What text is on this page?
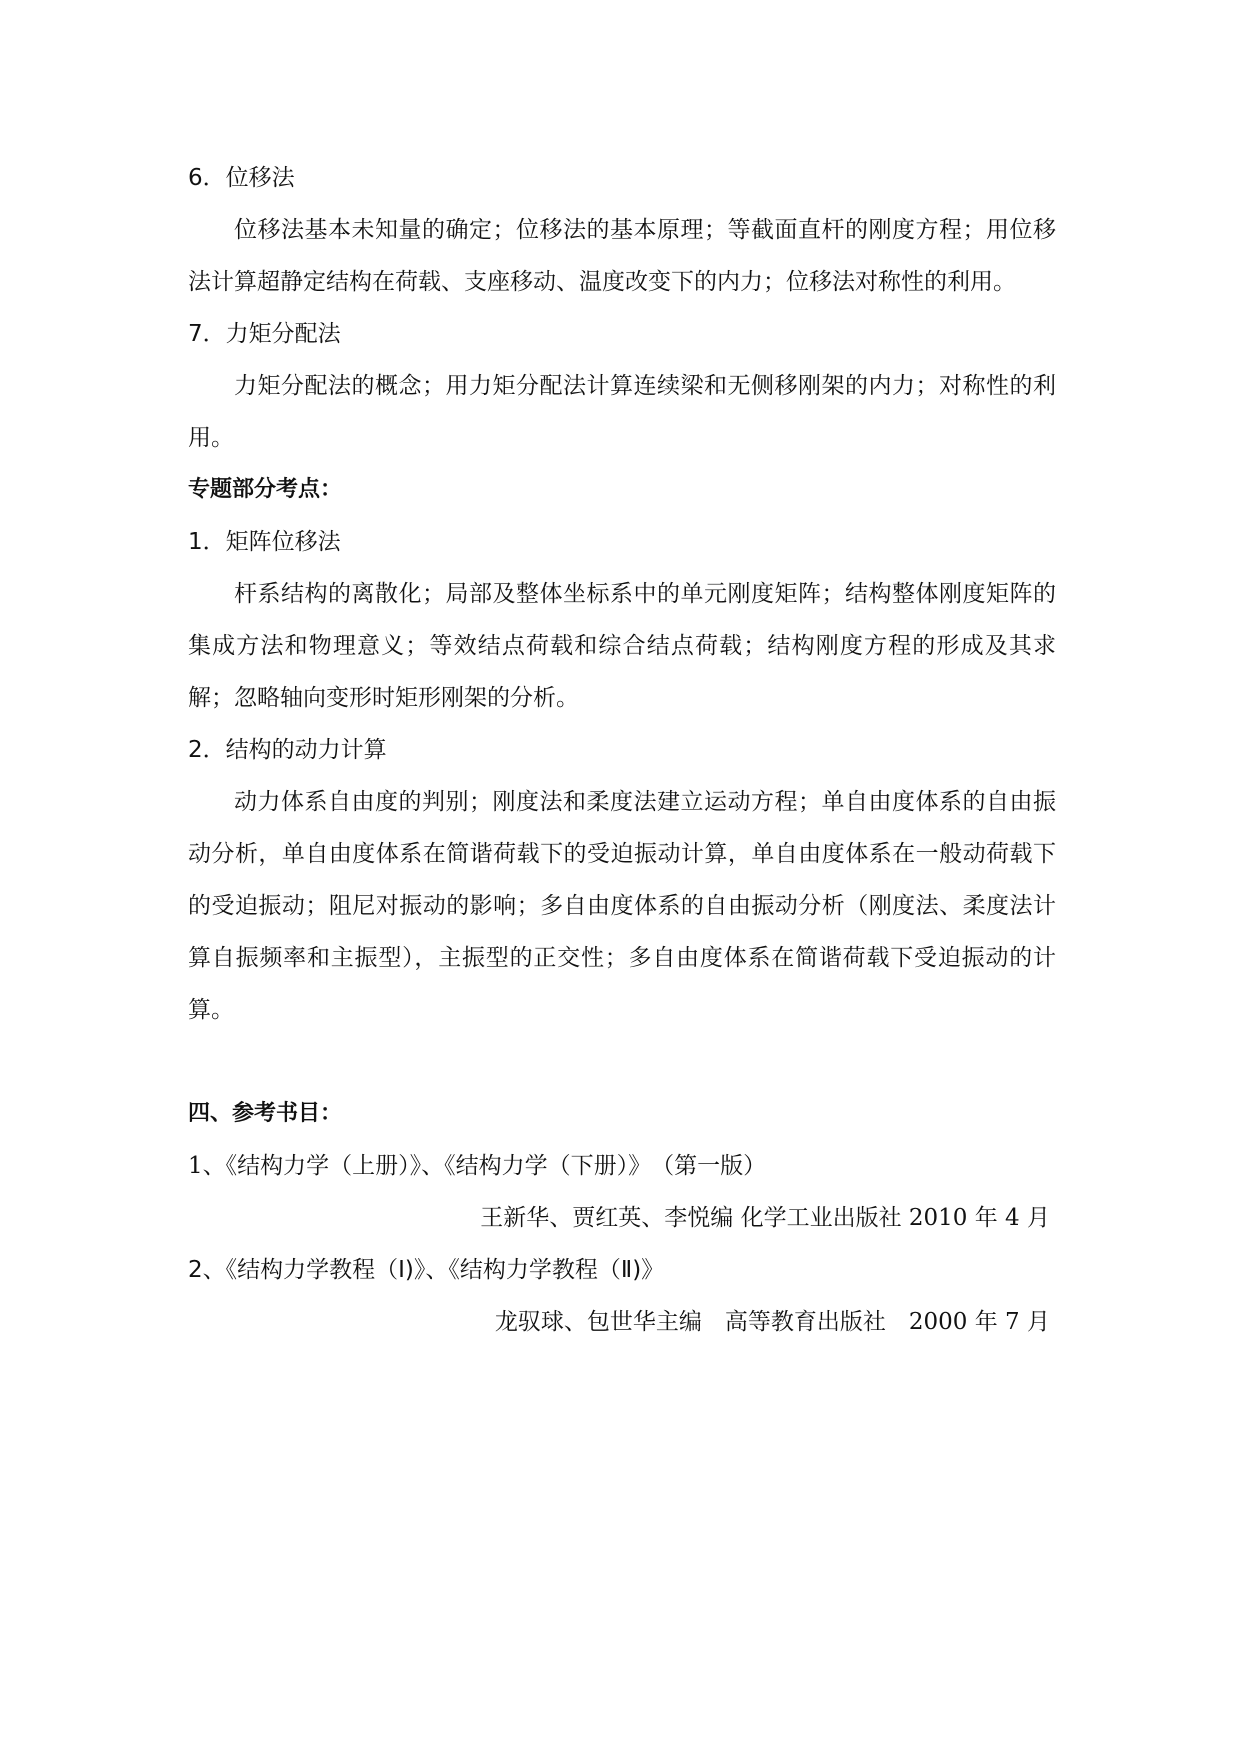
6．位移法

位移法基本未知量的确定；位移法的基本原理；等截面直杆的刚度方程；用位移法计算超静定结构在荷载、支座移动、温度改变下的内力；位移法对称性的利用。

7．力矩分配法

力矩分配法的概念；用力矩分配法计算连续梁和无侧移刚架的内力；对称性的利用。

专题部分考点：

1．矩阵位移法

杆系结构的离散化；局部及整体坐标系中的单元刚度矩阵；结构整体刚度矩阵的集成方法和物理意义；等效结点荷载和综合结点荷载；结构刚度方程的形成及其求解；忽略轴向变形时矩形刚架的分析。

2．结构的动力计算

动力体系自由度的判别；刚度法和柔度法建立运动方程；单自由度体系的自由振动分析，单自由度体系在简谐荷载下的受迫振动计算，单自由度体系在一般动荷载下的受迫振动；阻尼对振动的影响；多自由度体系的自由振动分析（刚度法、柔度法计算自振频率和主振型），主振型的正交性；多自由度体系在简谐荷载下受迫振动的计算。

四、参考书目：

1、《结构力学（上册）》、《结构力学（下册）》　（第一版）

王新华、贾红英、李悦编 化学工业出版社 2010 年 4 月

2、《结构力学教程（Ⅰ)》、《结构力学教程（Ⅱ)》

龙驭球、包世华主编　高等教育出版社　2000 年 7 月
